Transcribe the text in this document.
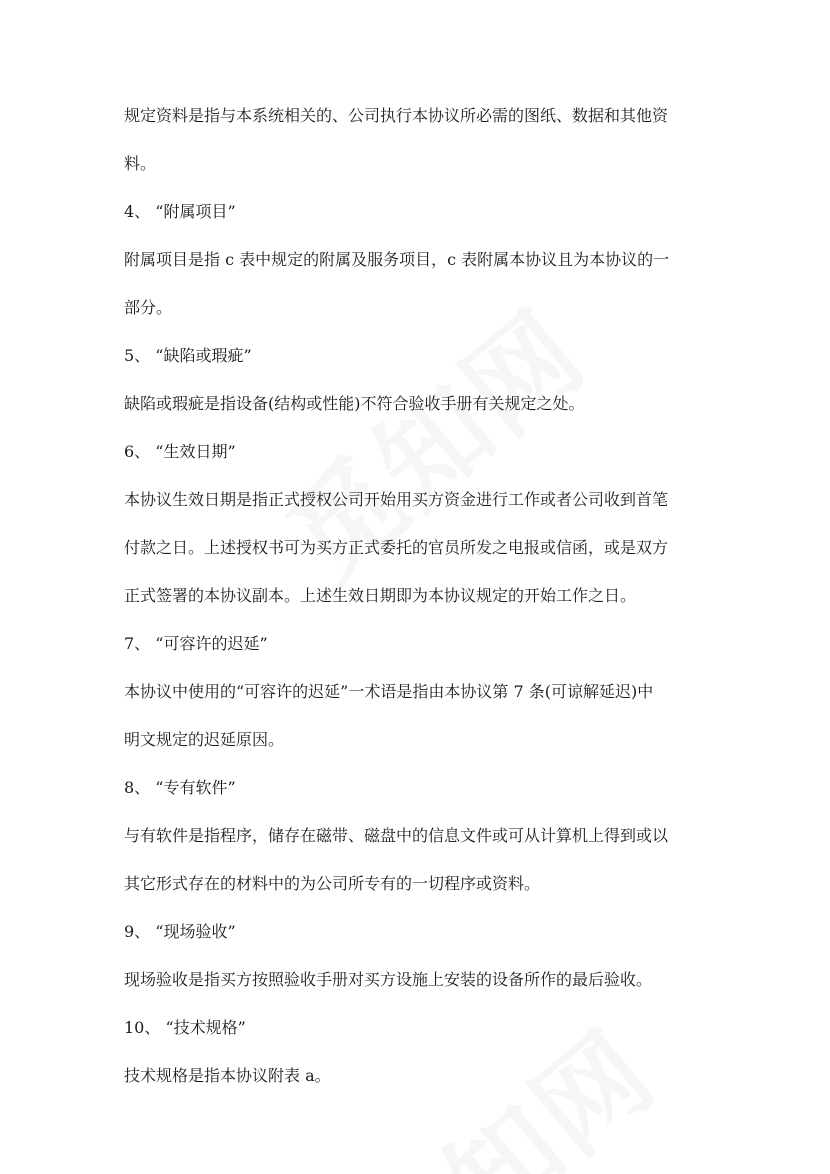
规定资料是指与本系统相关的、公司执行本协议所必需的图纸、数据和其他资

料。

4、 “附属项目”

附属项目是指 c 表中规定的附属及服务项目，c 表附属本协议且为本协议的一

部分。

5、 “缺陷或瑕疵”

缺陷或瑕疵是指设备(结构或性能)不符合验收手册有关规定之处。

6、 “生效日期”

本协议生效日期是指正式授权公司开始用买方资金进行工作或者公司收到首笔

付款之日。上述授权书可为买方正式委托的官员所发之电报或信函，或是双方

正式签署的本协议副本。上述生效日期即为本协议规定的开始工作之日。

7、 “可容许的迟延”

本协议中使用的“可容许的迟延”一术语是指由本协议第 7 条(可谅解延迟)中

明文规定的迟延原因。

8、 “专有软件”

与有软件是指程序，储存在磁带、磁盘中的信息文件或可从计算机上得到或以

其它形式存在的材料中的为公司所专有的一切程序或资料。

9、 “现场验收”

现场验收是指买方按照验收手册对买方设施上安装的设备所作的最后验收。

10、 “技术规格”

技术规格是指本协议附表 a。
